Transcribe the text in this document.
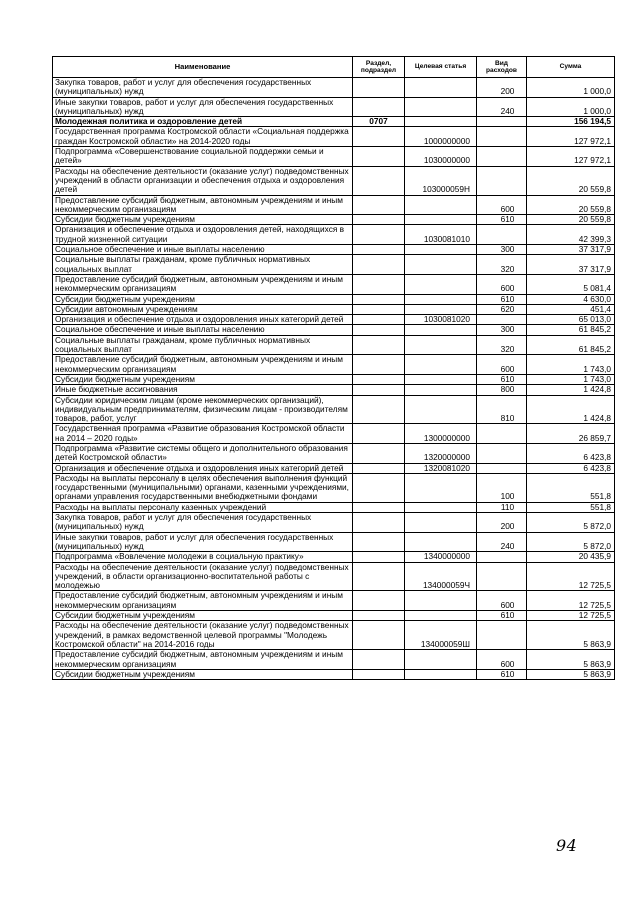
Наименование	Раздел, подраздел	Целевая статья	Вид расходов	Сумма
Закупка товаров, работ и услуг для обеспечения государственных (муниципальных) нужд			200	1 000,0
Иные закупки товаров, работ и услуг для обеспечения государственных (муниципальных) нужд			240	1 000,0
Молодежная политика и оздоровление детей	0707			156 194,5
Государственная программа Костромской области «Социальная поддержка граждан Костромской области» на 2014-2020 годы		1000000000		127 972,1
Подпрограмма «Совершенствование социальной поддержки семьи и детей»		1030000000		127 972,1
Расходы на обеспечение деятельности (оказание услуг) подведомственных учреждений в области организации и обеспечения отдыха и оздоровления детей		103000059Н		20 559,8
Предоставление субсидий бюджетным, автономным учреждениям и иным некоммерческим организациям			600	20 559,8
Субсидии бюджетным учреждениям			610	20 559,8
Организация и обеспечение отдыха и оздоровления детей, находящихся в трудной жизненной ситуации		1030081010		42 399,3
Социальное обеспечение и иные выплаты населению			300	37 317,9
Социальные выплаты гражданам, кроме публичных нормативных социальных выплат			320	37 317,9
Предоставление субсидий бюджетным, автономным учреждениям и иным некоммерческим организациям			600	5 081,4
Субсидии бюджетным учреждениям			610	4 630,0
Субсидии автономным учреждениям			620	451,4
Организация и обеспечение отдыха и оздоровления иных категорий детей		1030081020		65 013,0
Социальное обеспечение и иные выплаты населению			300	61 845,2
Социальные выплаты гражданам, кроме публичных нормативных социальных выплат			320	61 845,2
Предоставление субсидий бюджетным, автономным учреждениям и иным некоммерческим организациям			600	1 743,0
Субсидии бюджетным учреждениям			610	1 743,0
Иные бюджетные ассигнования			800	1 424,8
Субсидии юридическим лицам (кроме некоммерческих организаций), индивидуальным предпринимателям, физическим лицам - производителям товаров, работ, услуг			810	1 424,8
Государственная программа «Развитие образования Костромской области на 2014 – 2020 годы»		1300000000		26 859,7
Подпрограмма «Развитие системы общего и дополнительного образования детей Костромской области»		1320000000		6 423,8
Организация и обеспечение отдыха и оздоровления иных категорий детей		1320081020		6 423,8
Расходы на выплаты персоналу в целях обеспечения выполнения функций государственными (муниципальными) органами, казенными учреждениями, органами управления государственными внебюджетными фондами			100	551,8
Расходы на выплаты персоналу казенных учреждений			110	551,8
Закупка товаров, работ и услуг для обеспечения государственных (муниципальных) нужд			200	5 872,0
Иные закупки товаров, работ и услуг для обеспечения государственных (муниципальных) нужд			240	5 872,0
Подпрограмма «Вовлечение молодежи в социальную практику»		1340000000		20 435,9
Расходы на обеспечение деятельности (оказание услуг) подведомственных учреждений, в области организационно-воспитательной работы с молодежью		134000059Ч		12 725,5
Предоставление субсидий бюджетным, автономным учреждениям и иным некоммерческим организациям			600	12 725,5
Субсидии бюджетным учреждениям			610	12 725,5
Расходы на обеспечение деятельности (оказание услуг) подведомственных учреждений, в рамках ведомственной целевой программы "Молодежь Костромской области" на 2014-2016 годы		134000059Ш		5 863,9
Предоставление субсидий бюджетным, автономным учреждениям и иным некоммерческим организациям			600	5 863,9
Субсидии бюджетным учреждениям			610	5 863,9
94
